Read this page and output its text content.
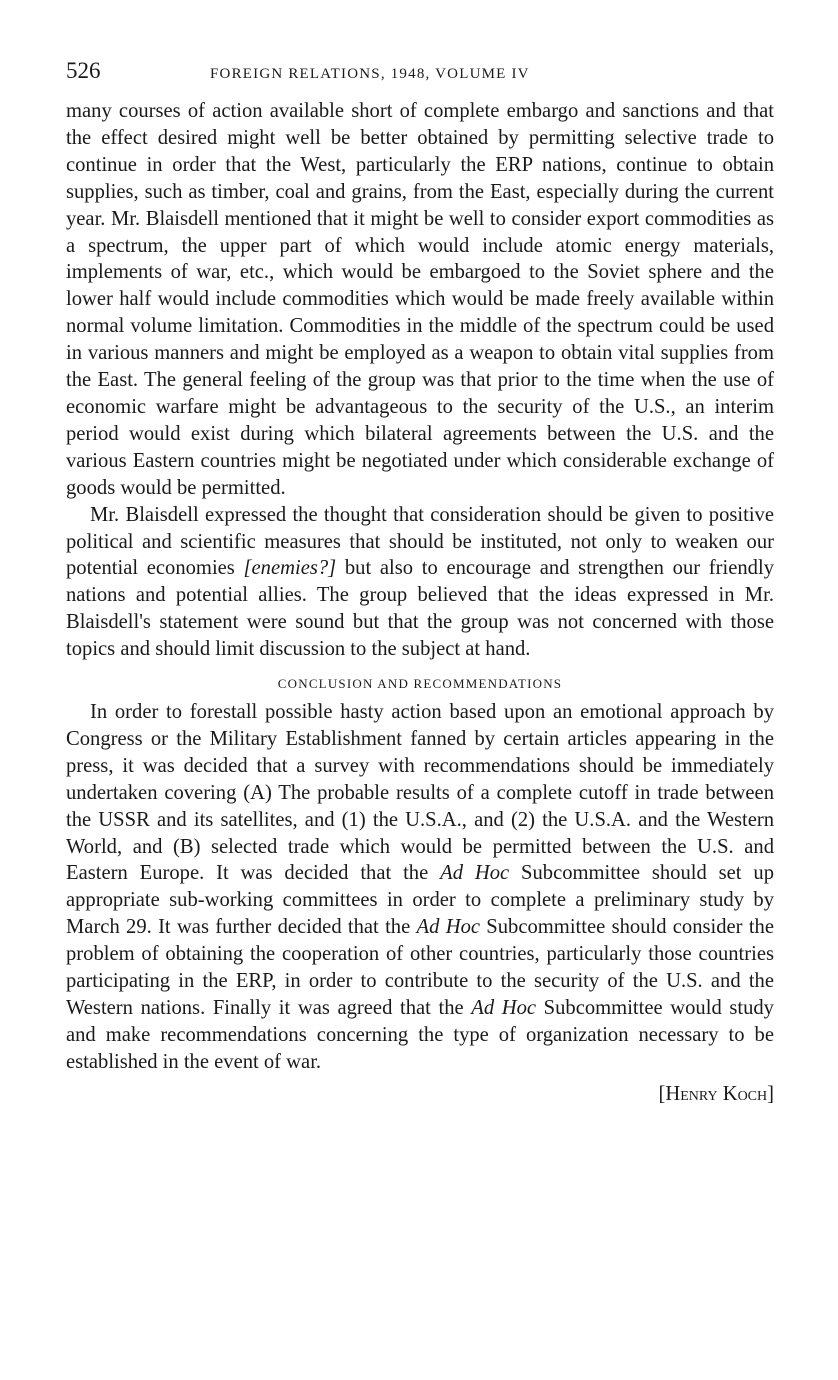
526	FOREIGN RELATIONS, 1948, VOLUME IV

many courses of action available short of complete embargo and sanctions and that the effect desired might well be better obtained by permitting selective trade to continue in order that the West, particularly the ERP nations, continue to obtain supplies, such as timber, coal and grains, from the East, especially during the current year. Mr. Blaisdell mentioned that it might be well to consider export commodities as a spectrum, the upper part of which would include atomic energy materials, implements of war, etc., which would be embargoed to the Soviet sphere and the lower half would include commodities which would be made freely available within normal volume limitation. Commodities in the middle of the spectrum could be used in various manners and might be employed as a weapon to obtain vital supplies from the East. The general feeling of the group was that prior to the time when the use of economic warfare might be advantageous to the security of the U.S., an interim period would exist during which bilateral agreements between the U.S. and the various Eastern countries might be negotiated under which considerable exchange of goods would be permitted.

Mr. Blaisdell expressed the thought that consideration should be given to positive political and scientific measures that should be instituted, not only to weaken our potential economies [enemies?] but also to encourage and strengthen our friendly nations and potential allies. The group believed that the ideas expressed in Mr. Blaisdell's statement were sound but that the group was not concerned with those topics and should limit discussion to the subject at hand.

CONCLUSION AND RECOMMENDATIONS

In order to forestall possible hasty action based upon an emotional approach by Congress or the Military Establishment fanned by certain articles appearing in the press, it was decided that a survey with recommendations should be immediately undertaken covering (A) The probable results of a complete cutoff in trade between the USSR and its satellites, and (1) the U.S.A., and (2) the U.S.A. and the Western World, and (B) selected trade which would be permitted between the U.S. and Eastern Europe. It was decided that the Ad Hoc Subcommittee should set up appropriate sub-working committees in order to complete a preliminary study by March 29. It was further decided that the Ad Hoc Subcommittee should consider the problem of obtaining the cooperation of other countries, particularly those countries participating in the ERP, in order to contribute to the security of the U.S. and the Western nations. Finally it was agreed that the Ad Hoc Subcommittee would study and make recommendations concerning the type of organization necessary to be established in the event of war.

[Henry Koch]
